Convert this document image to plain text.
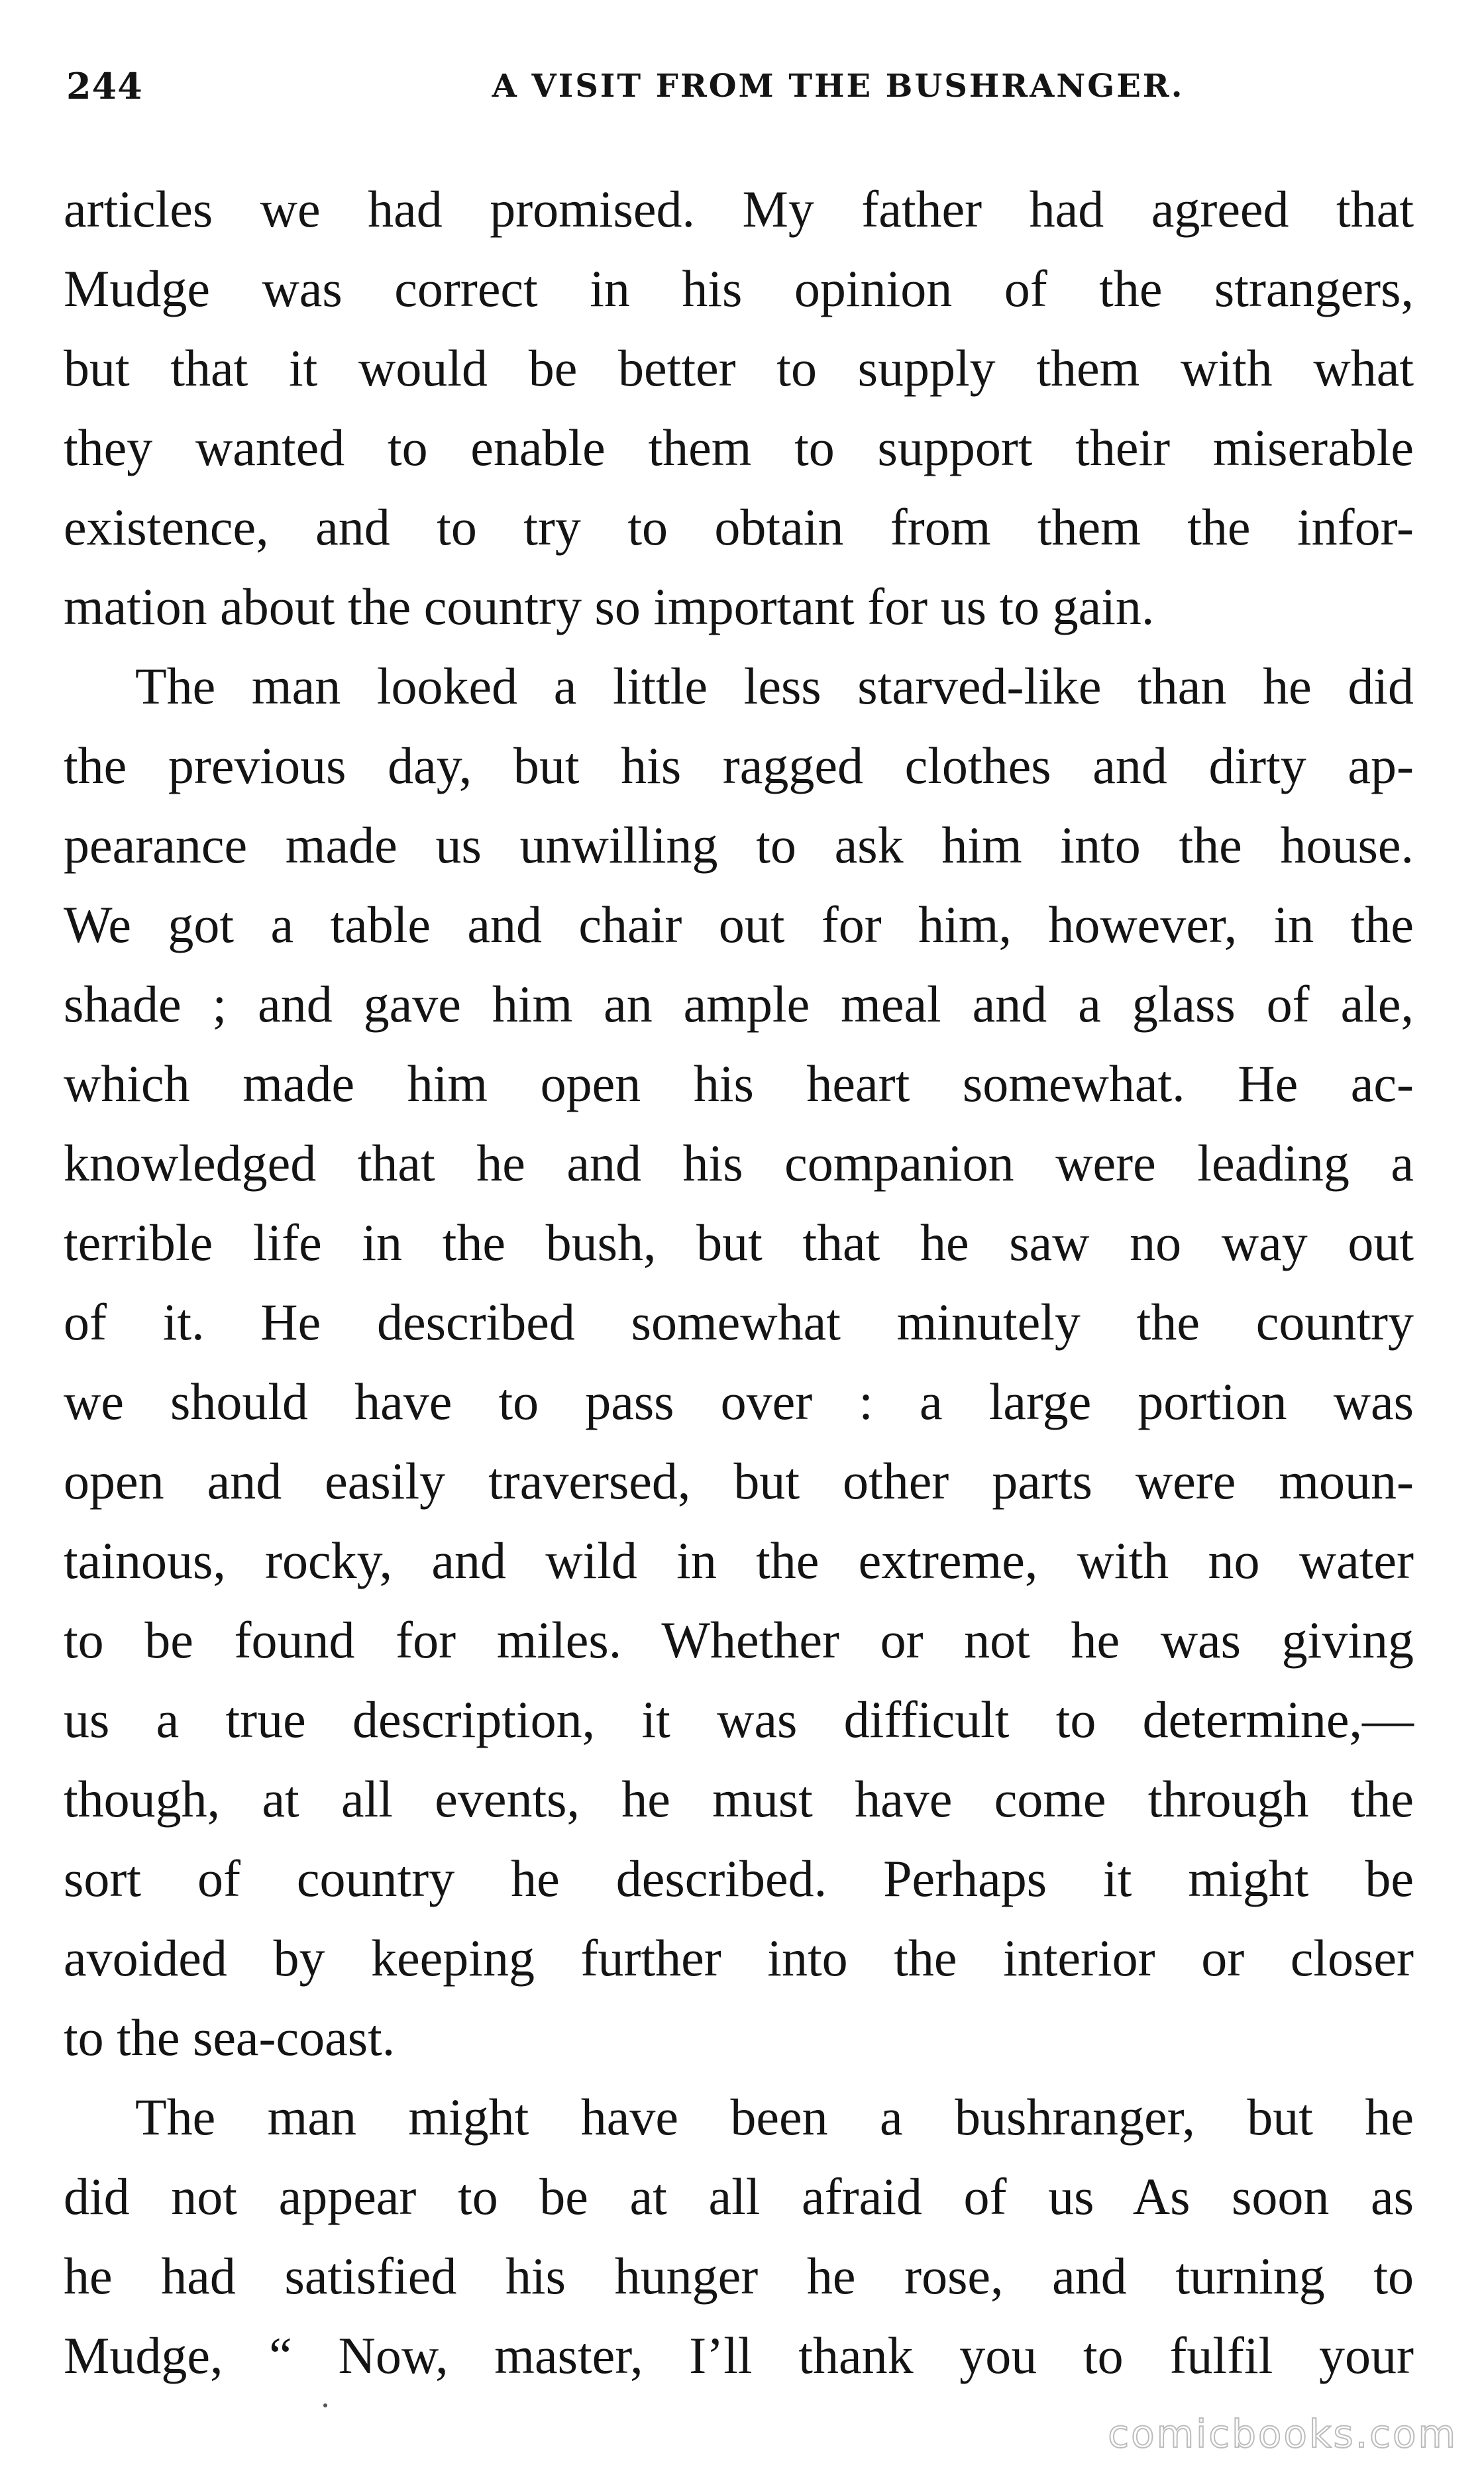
244	A VISIT FROM THE BUSHRANGER.
articles we had promised. My father had agreed that
Mudge was correct in his opinion of the strangers,
but that it would be better to supply them with what
they wanted to enable them to support their miserable
existence, and to try to obtain from them the infor-
mation about the country so important for us to gain.
The man looked a little less starved-like than he did
the previous day, but his ragged clothes and dirty ap-
pearance made us unwilling to ask him into the house.
We got a table and chair out for him, however, in the
shade ; and gave him an ample meal and a glass of ale,
which made him open his heart somewhat. He ac-
knowledged that he and his companion were leading a
terrible life in the bush, but that he saw no way out
of it. He described somewhat minutely the country
we should have to pass over : a large portion was
open and easily traversed, but other parts were moun-
tainous, rocky, and wild in the extreme, with no water
to be found for miles. Whether or not he was giving
us a true description, it was difficult to determine,—
though, at all events, he must have come through the
sort of country he described. Perhaps it might be
avoided by keeping further into the interior or closer
to the sea-coast.
The man might have been a bushranger, but he
did not appear to be at all afraid of us As soon as
he had satisfied his hunger he rose, and turning to
Mudge, “ Now, master, I’ll thank you to fulfil your
comicbooks.com
